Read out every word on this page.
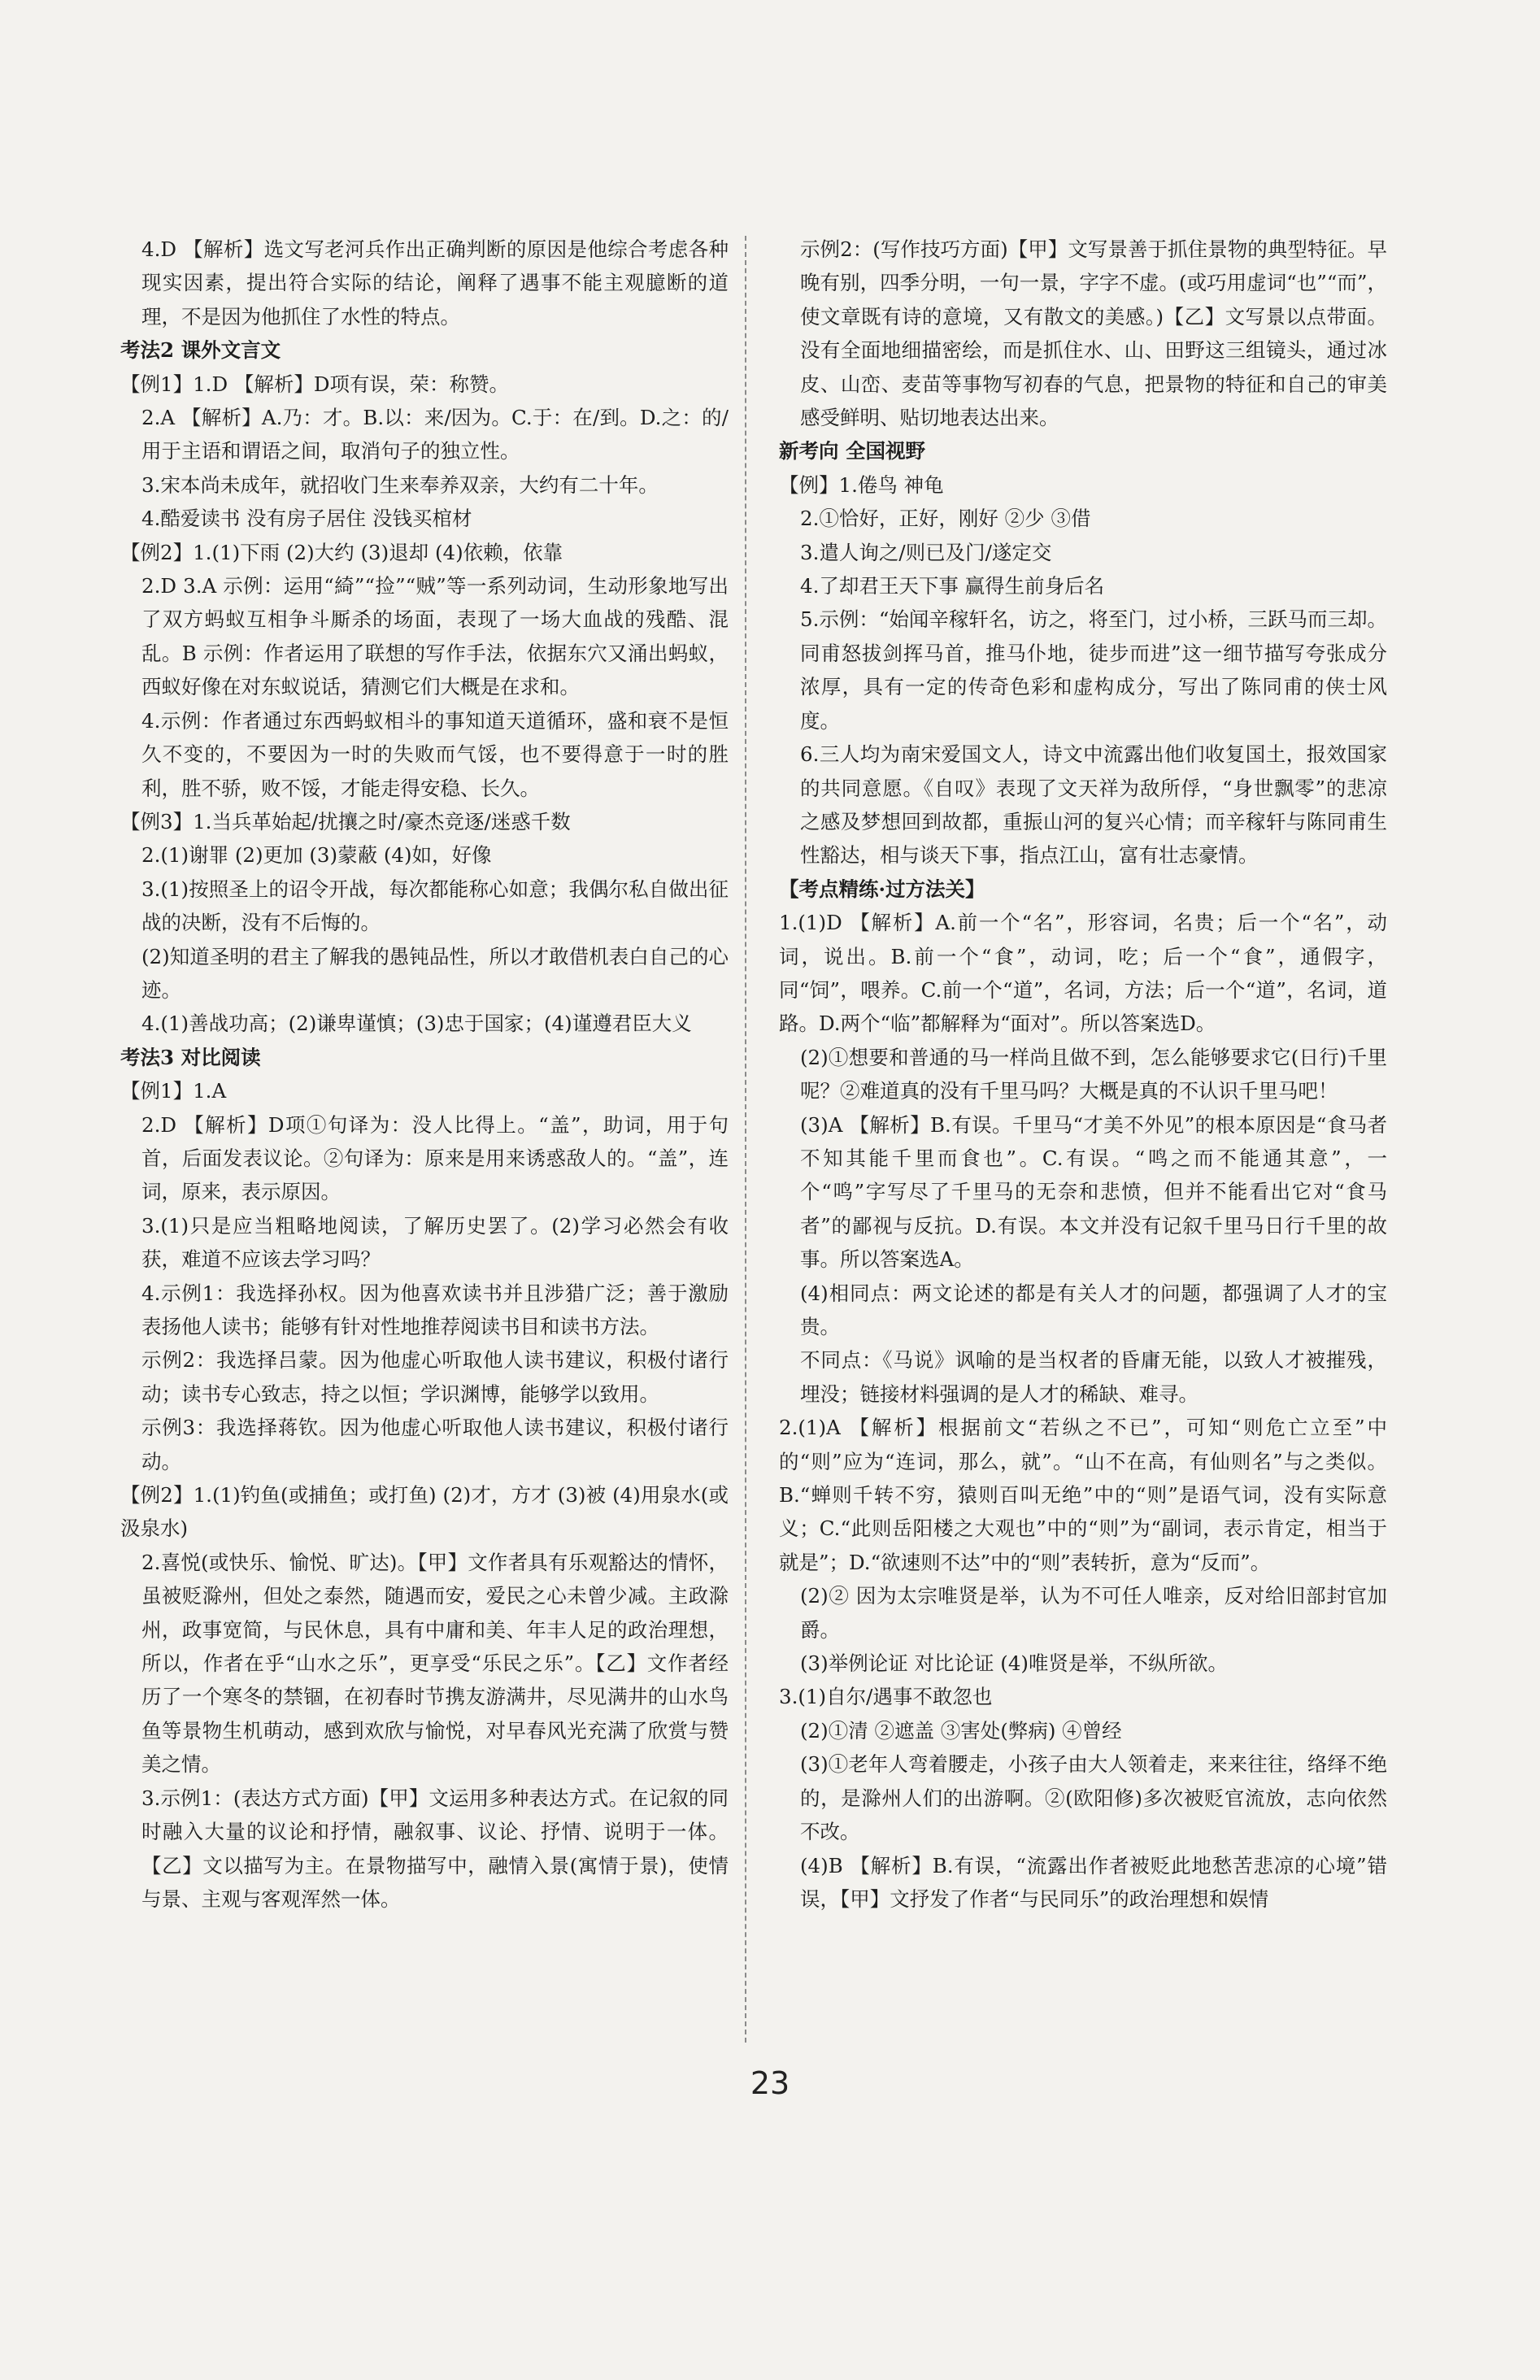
4.D 【解析】选文写老河兵作出正确判断的原因是他综合考虑各种现实因素，提出符合实际的结论，阐释了遇事不能主观臆断的道理，不是因为他抓住了水性的特点。

考法2 课外文言文

【例1】1.D 【解析】D项有误，荣：称赞。

2.A 【解析】A.乃：才。B.以：来/因为。C.于：在/到。D.之：的/用于主语和谓语之间，取消句子的独立性。

3.宋本尚未成年，就招收门生来奉养双亲，大约有二十年。

4.酷爱读书 没有房子居住 没钱买棺材

【例2】1.(1)下雨 (2)大约 (3)退却 (4)依赖，依靠

2.D 3.A 示例：运用“綺”“捡”“贼”等一系列动词，生动形象地写出了双方蚂蚁互相争斗厮杀的场面，表现了一场大血战的残酷、混乱。B 示例：作者运用了联想的写作手法，依据东穴又涌出蚂蚁，西蚁好像在对东蚁说话，猜测它们大概是在求和。

4.示例：作者通过东西蚂蚁相斗的事知道天道循环，盛和衰不是恒久不变的，不要因为一时的失败而气馁，也不要得意于一时的胜利，胜不骄，败不馁，才能走得安稳、长久。

【例3】1.当兵革始起/扰攘之时/豪杰竞逐/迷惑千数

2.(1)谢罪 (2)更加 (3)蒙蔽 (4)如，好像

3.(1)按照圣上的诏令开战，每次都能称心如意；我偶尔私自做出征战的决断，没有不后悔的。

(2)知道圣明的君主了解我的愚钝品性，所以才敢借机表白自己的心迹。

4.(1)善战功高；(2)谦卑谨慎；(3)忠于国家；(4)谨遵君臣大义

考法3 对比阅读

【例1】1.A

2.D 【解析】D项①句译为：没人比得上。“盖”，助词，用于句首，后面发表议论。②句译为：原来是用来诱惑敌人的。“盖”，连词，原来，表示原因。

3.(1)只是应当粗略地阅读，了解历史罢了。(2)学习必然会有收获，难道不应该去学习吗？

4.示例1：我选择孙权。因为他喜欢读书并且涉猎广泛；善于激励表扬他人读书；能够有针对性地推荐阅读书目和读书方法。

示例2：我选择吕蒙。因为他虚心听取他人读书建议，积极付诸行动；读书专心致志，持之以恒；学识渊博，能够学以致用。

示例3：我选择蒋钦。因为他虚心听取他人读书建议，积极付诸行动。

【例2】1.(1)钓鱼(或捕鱼；或打鱼) (2)才，方才 (3)被 (4)用泉水(或汲泉水)

2.喜悦(或快乐、愉悦、旷达)。【甲】文作者具有乐观豁达的情怀，虽被贬滁州，但处之泰然，随遇而安，爱民之心未曾少减。主政滁州，政事宽简，与民休息，具有中庸和美、年丰人足的政治理想，所以，作者在乎“山水之乐”，更享受“乐民之乐”。【乙】文作者经历了一个寒冬的禁锢，在初春时节携友游满井，尽见满井的山水鸟鱼等景物生机萌动，感到欢欣与愉悦，对早春风光充满了欣赏与赞美之情。

3.示例1：(表达方式方面)【甲】文运用多种表达方式。在记叙的同时融入大量的议论和抒情，融叙事、议论、抒情、说明于一体。【乙】文以描写为主。在景物描写中，融情入景(寓情于景)，使情与景、主观与客观浑然一体。

示例2：(写作技巧方面)【甲】文写景善于抓住景物的典型特征。早晚有别，四季分明，一句一景，字字不虚。(或巧用虚词“也”“而”，使文章既有诗的意境，又有散文的美感。)【乙】文写景以点带面。没有全面地细描密绘，而是抓住水、山、田野这三组镜头，通过冰皮、山峦、麦苗等事物写初春的气息，把景物的特征和自己的审美感受鲜明、贴切地表达出来。

新考向 全国视野

【例】1.倦鸟 神龟

2.①恰好，正好，刚好 ②少 ③借

3.遣人询之/则已及门/遂定交

4.了却君王天下事 赢得生前身后名

5.示例：“始闻辛稼轩名，访之，将至门，过小桥，三跃马而三却。同甫怒拔剑挥马首，推马仆地，徒步而进”这一细节描写夸张成分浓厚，具有一定的传奇色彩和虚构成分，写出了陈同甫的侠士风度。

6.三人均为南宋爱国文人，诗文中流露出他们收复国土，报效国家的共同意愿。《自叹》表现了文天祥为敌所俘，“身世飘零”的悲凉之感及梦想回到故都，重振山河的复兴心情；而辛稼轩与陈同甫生性豁达，相与谈天下事，指点江山，富有壮志豪情。

【考点精练·过方法关】

1.(1)D 【解析】A.前一个“名”，形容词，名贵；后一个“名”，动词，说出。B.前一个“食”，动词，吃；后一个“食”，通假字，同“饲”，喂养。C.前一个“道”，名词，方法；后一个“道”，名词，道路。D.两个“临”都解释为“面对”。所以答案选D。

(2)①想要和普通的马一样尚且做不到，怎么能够要求它(日行)千里呢？②难道真的没有千里马吗？大概是真的不认识千里马吧！

(3)A 【解析】B.有误。千里马“才美不外见”的根本原因是“食马者不知其能千里而食也”。C.有误。“鸣之而不能通其意”，一个“鸣”字写尽了千里马的无奈和悲愤，但并不能看出它对“食马者”的鄙视与反抗。D.有误。本文并没有记叙千里马日行千里的故事。所以答案选A。

(4)相同点：两文论述的都是有关人才的问题，都强调了人才的宝贵。

不同点：《马说》讽喻的是当权者的昏庸无能，以致人才被摧残，埋没；链接材料强调的是人才的稀缺、难寻。

2.(1)A 【解析】根据前文“若纵之不已”，可知“则危亡立至”中的“则”应为“连词，那么，就”。“山不在高，有仙则名”与之类似。B.“蝉则千转不穷，猿则百叫无绝”中的“则”是语气词，没有实际意义；C.“此则岳阳楼之大观也”中的“则”为“副词，表示肯定，相当于就是”；D.“欲速则不达”中的“则”表转折，意为“反而”。

(2)② 因为太宗唯贤是举，认为不可任人唯亲，反对给旧部封官加爵。

(3)举例论证 对比论证 (4)唯贤是举，不纵所欲。

3.(1)自尔/遇事不敢忽也

(2)①清 ②遮盖 ③害处(弊病) ④曾经

(3)①老年人弯着腰走，小孩子由大人领着走，来来往往，络绎不绝的，是滁州人们的出游啊。②(欧阳修)多次被贬官流放，志向依然不改。

(4)B 【解析】B.有误，“流露出作者被贬此地愁苦悲凉的心境”错误，【甲】文抒发了作者“与民同乐”的政治理想和娱情

23
